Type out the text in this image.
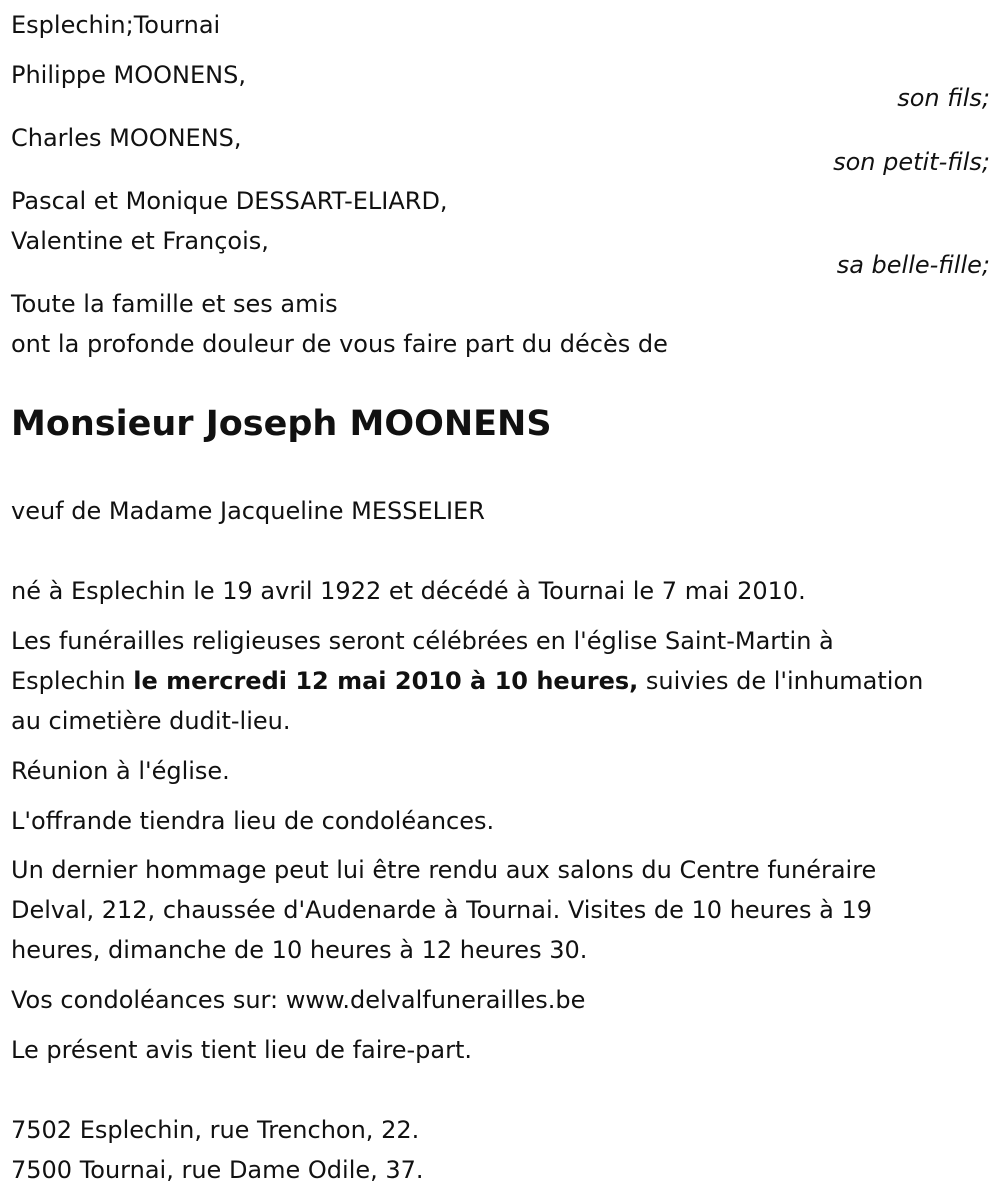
Esplechin;Tournai
Philippe MOONENS,
son fils;
Charles MOONENS,
son petit-fils;
Pascal et Monique DESSART-ELIARD,
Valentine et François,
sa belle-fille;
Toute la famille et ses amis
ont la profonde douleur de vous faire part du décès de
Monsieur Joseph MOONENS
veuf de Madame Jacqueline MESSELIER
né à Esplechin le 19 avril 1922 et décédé à Tournai le 7 mai 2010.
Les funérailles religieuses seront célébrées en l'église Saint-Martin à
Esplechin le mercredi 12 mai 2010 à 10 heures, suivies de l'inhumation
au cimetière dudit-lieu.
Réunion à l'église.
L'offrande tiendra lieu de condoléances.
Un dernier hommage peut lui être rendu aux salons du Centre funéraire
Delval, 212, chaussée d'Audenarde à Tournai. Visites de 10 heures à 19
heures, dimanche de 10 heures à 12 heures 30.
Vos condoléances sur: www.delvalfunerailles.be
Le présent avis tient lieu de faire-part.
7502 Esplechin, rue Trenchon, 22.
7500 Tournai, rue Dame Odile, 37.
